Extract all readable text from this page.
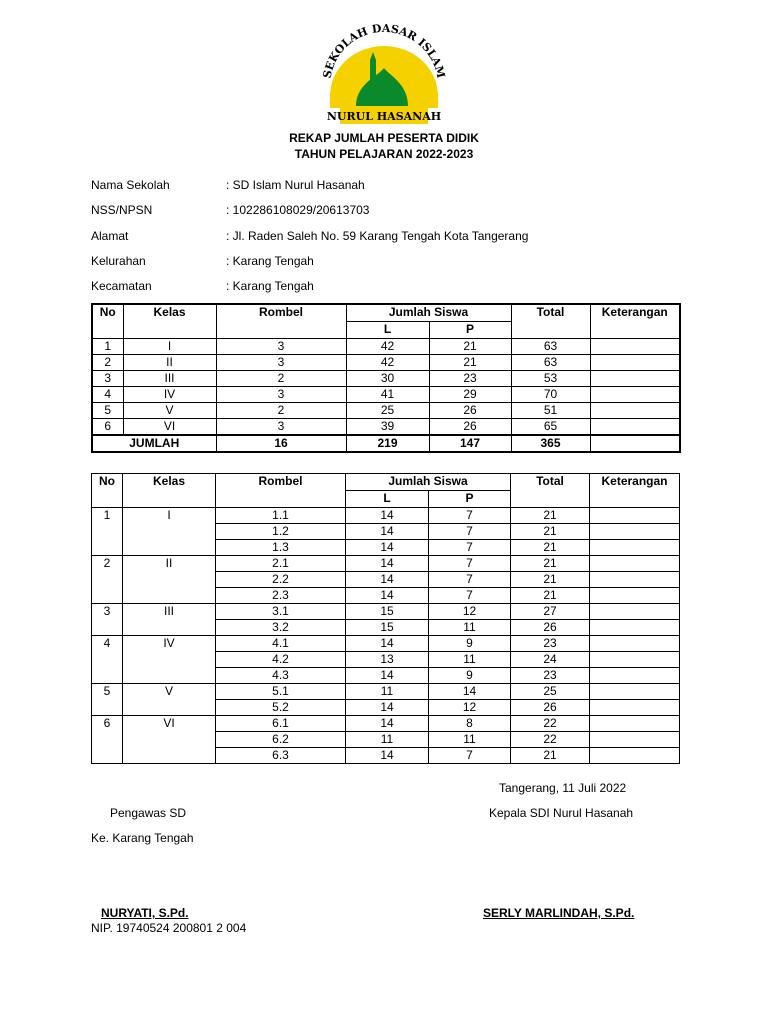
SEKOLAH DASAR ISLAM
NURUL HASANAH
REKAP JUMLAH PESERTA DIDIK
TAHUN PELAJARAN 2022-2023
Nama Sekolah	: SD Islam Nurul Hasanah
NSS/NPSN	: 102286108029/20613703
Alamat	: Jl. Raden Saleh No. 59 Karang Tengah Kota Tangerang
Kelurahan	: Karang Tengah
Kecamatan	: Karang Tengah
No	Kelas	Rombel	Jumlah Siswa		Total	Keterangan
			L	P		
1	I	3	42	21	63	
2	II	3	42	21	63	
3	III	2	30	23	53	
4	IV	3	41	29	70	
5	V	2	25	26	51	
6	VI	3	39	26	65	
JUMLAH		16	219	147	365	
No	Kelas	Rombel	Jumlah Siswa		Total	Keterangan
			L	P		
1	I	1.1	14	7	21	
		1.2	14	7	21	
		1.3	14	7	21	
2	II	2.1	14	7	21	
		2.2	14	7	21	
		2.3	14	7	21	
3	III	3.1	15	12	27	
		3.2	15	11	26	
4	IV	4.1	14	9	23	
		4.2	13	11	24	
		4.3	14	9	23	
5	V	5.1	11	14	25	
		5.2	14	12	26	
6	VI	6.1	14	8	22	
		6.2	11	11	22	
		6.3	14	7	21	
Tangerang, 11 Juli 2022
Pengawas SD	Kepala SDI Nurul Hasanah
Ke. Karang Tengah
NURYATI, S.Pd.	SERLY MARLINDAH, S.Pd.
NIP. 19740524 200801 2 004
